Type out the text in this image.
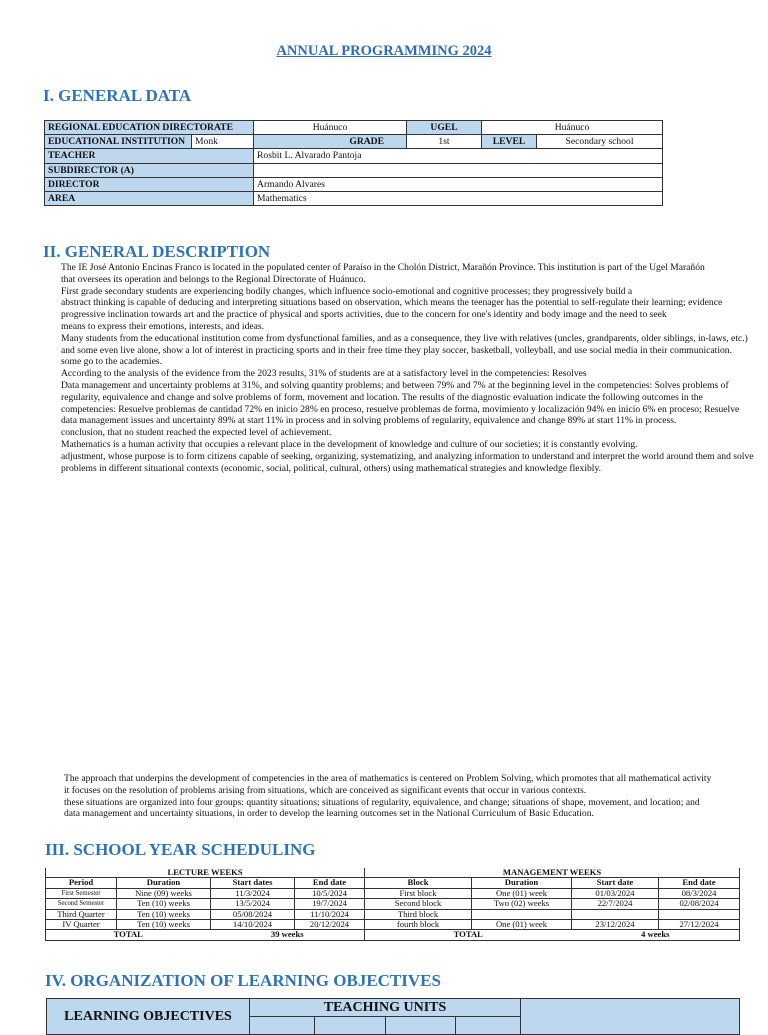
ANNUAL PROGRAMMING 2024
I. GENERAL DATA
REGIONAL EDUCATION DIRECTORATE		Huánuco	UGEL	Huánuco	
EDUCATIONAL INSTITUTION	Monk	GRADE	1st	LEVEL	Secondary school
TEACHER		Rosbit L. Alvarado Pantoja			
SUBDIRECTOR (A)					
DIRECTOR		Armando Alvares			
AREA		Mathematics			
II. GENERAL DESCRIPTION

The IE José Antonio Encinas Franco is located in the populated center of Paraíso in the Cholón District, Marañón Province. This institution is part of the Ugel Marañón

that oversees its operation and belongs to the Regional Directorate of Huánuco.

First grade secondary students are experiencing bodily changes, which influence socio-emotional and cognitive processes; they progressively build a

abstract thinking is capable of deducing and interpreting situations based on observation, which means the teenager has the potential to self-regulate their learning; evidence

progressive inclination towards art and the practice of physical and sports activities, due to the concern for one's identity and body image and the need to seek

means to express their emotions, interests, and ideas.

Many students from the educational institution come from dysfunctional families, and as a consequence, they live with relatives (uncles, grandparents, older siblings, in-laws, etc.)

and some even live alone, show a lot of interest in practicing sports and in their free time they play soccer, basketball, volleyball, and use social media in their communication.

some go to the academies.

According to the analysis of the evidence from the 2023 results, 31% of students are at a satisfactory level in the competencies: Resolves

Data management and uncertainty problems at 31%, and solving quantity problems; and between 79% and 7% at the beginning level in the competencies: Solves problems of

regularity, equivalence and change and solve problems of form, movement and location. The results of the diagnostic evaluation indicate the following outcomes in the

competencies: Resuelve problemas de cantidad 72% en inicio 28% en proceso, resuelve problemas de forma, movimiento y localización 94% en inicio 6% en proceso; Resuelve

data management issues and uncertainty 89% at start 11% in process and in solving problems of regularity, equivalence and change 89% at start 11% in process.

conclusion, that no student reached the expected level of achievement.

Mathematics is a human activity that occupies a relevant place in the development of knowledge and culture of our societies; it is constantly evolving.

adjustment, whose purpose is to form citizens capable of seeking, organizing, systematizing, and analyzing information to understand and interpret the world around them and solve

problems in different situational contexts (economic, social, political, cultural, others) using mathematical strategies and knowledge flexibly.

The approach that underpins the development of competencies in the area of mathematics is centered on Problem Solving, which promotes that all mathematical activity

it focuses on the resolution of problems arising from situations, which are conceived as significant events that occur in various contexts.

these situations are organized into four groups: quantity situations; situations of regularity, equivalence, and change; situations of shape, movement, and location; and

data management and uncertainty situations, in order to develop the learning outcomes set in the National Curriculum of Basic Education.

III. SCHOOL YEAR SCHEDULING
LECTURE WEEKS				MANAGEMENT WEEKS			
Period	Duration	Start dates	End date	Block	Duration	Start date	End date
First Semester	Nine (09) weeks	11/3/2024	10/5/2024	First block	One (01) week	01/03/2024	08/3/2024
Second Semester	Ten (10) weeks	13/5/2024	19/7/2024	Second block	Two (02) weeks	22/7/2024	02/08/2024
Third Quarter	Ten (10) weeks	05/08/2024	11/10/2024	Third block			
IV Quarter	Ten (10) weeks	14/10/2024	20/12/2024	fourth block	One (01) week	23/12/2024	27/12/2024
TOTAL		39 weeks		TOTAL		4 weeks	
IV. ORGANIZATION OF LEARNING OBJECTIVES
LEARNING OBJECTIVES	TEACHING UNITS				
